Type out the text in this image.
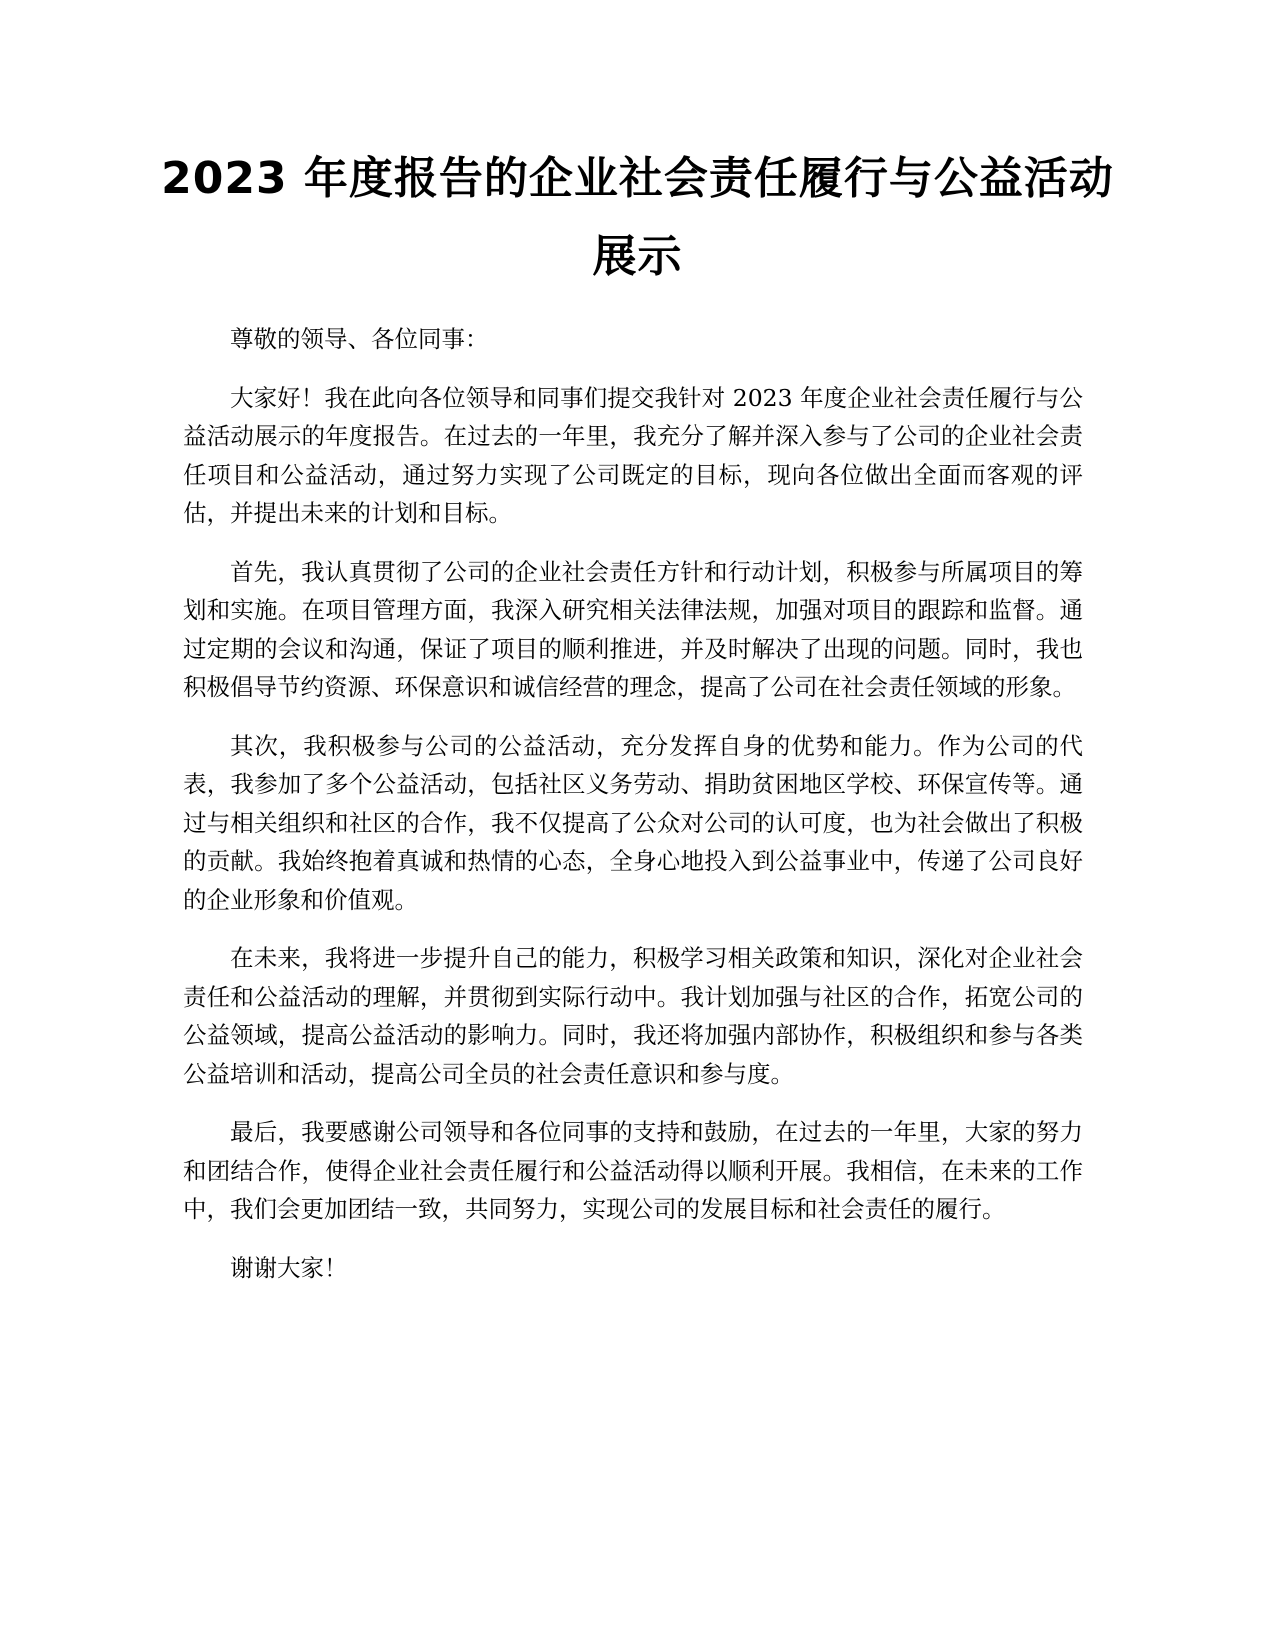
2023 年度报告的企业社会责任履行与公益活动展示

尊敬的领导、各位同事：

大家好！我在此向各位领导和同事们提交我针对 2023 年度企业社会责任履行与公益活动展示的年度报告。在过去的一年里，我充分了解并深入参与了公司的企业社会责任项目和公益活动，通过努力实现了公司既定的目标，现向各位做出全面而客观的评估，并提出未来的计划和目标。

首先，我认真贯彻了公司的企业社会责任方针和行动计划，积极参与所属项目的筹划和实施。在项目管理方面，我深入研究相关法律法规，加强对项目的跟踪和监督。通过定期的会议和沟通，保证了项目的顺利推进，并及时解决了出现的问题。同时，我也积极倡导节约资源、环保意识和诚信经营的理念，提高了公司在社会责任领域的形象。

其次，我积极参与公司的公益活动，充分发挥自身的优势和能力。作为公司的代表，我参加了多个公益活动，包括社区义务劳动、捐助贫困地区学校、环保宣传等。通过与相关组织和社区的合作，我不仅提高了公众对公司的认可度，也为社会做出了积极的贡献。我始终抱着真诚和热情的心态，全身心地投入到公益事业中，传递了公司良好的企业形象和价值观。

在未来，我将进一步提升自己的能力，积极学习相关政策和知识，深化对企业社会责任和公益活动的理解，并贯彻到实际行动中。我计划加强与社区的合作，拓宽公司的公益领域，提高公益活动的影响力。同时，我还将加强内部协作，积极组织和参与各类公益培训和活动，提高公司全员的社会责任意识和参与度。

最后，我要感谢公司领导和各位同事的支持和鼓励，在过去的一年里，大家的努力和团结合作，使得企业社会责任履行和公益活动得以顺利开展。我相信，在未来的工作中，我们会更加团结一致，共同努力，实现公司的发展目标和社会责任的履行。

谢谢大家！
